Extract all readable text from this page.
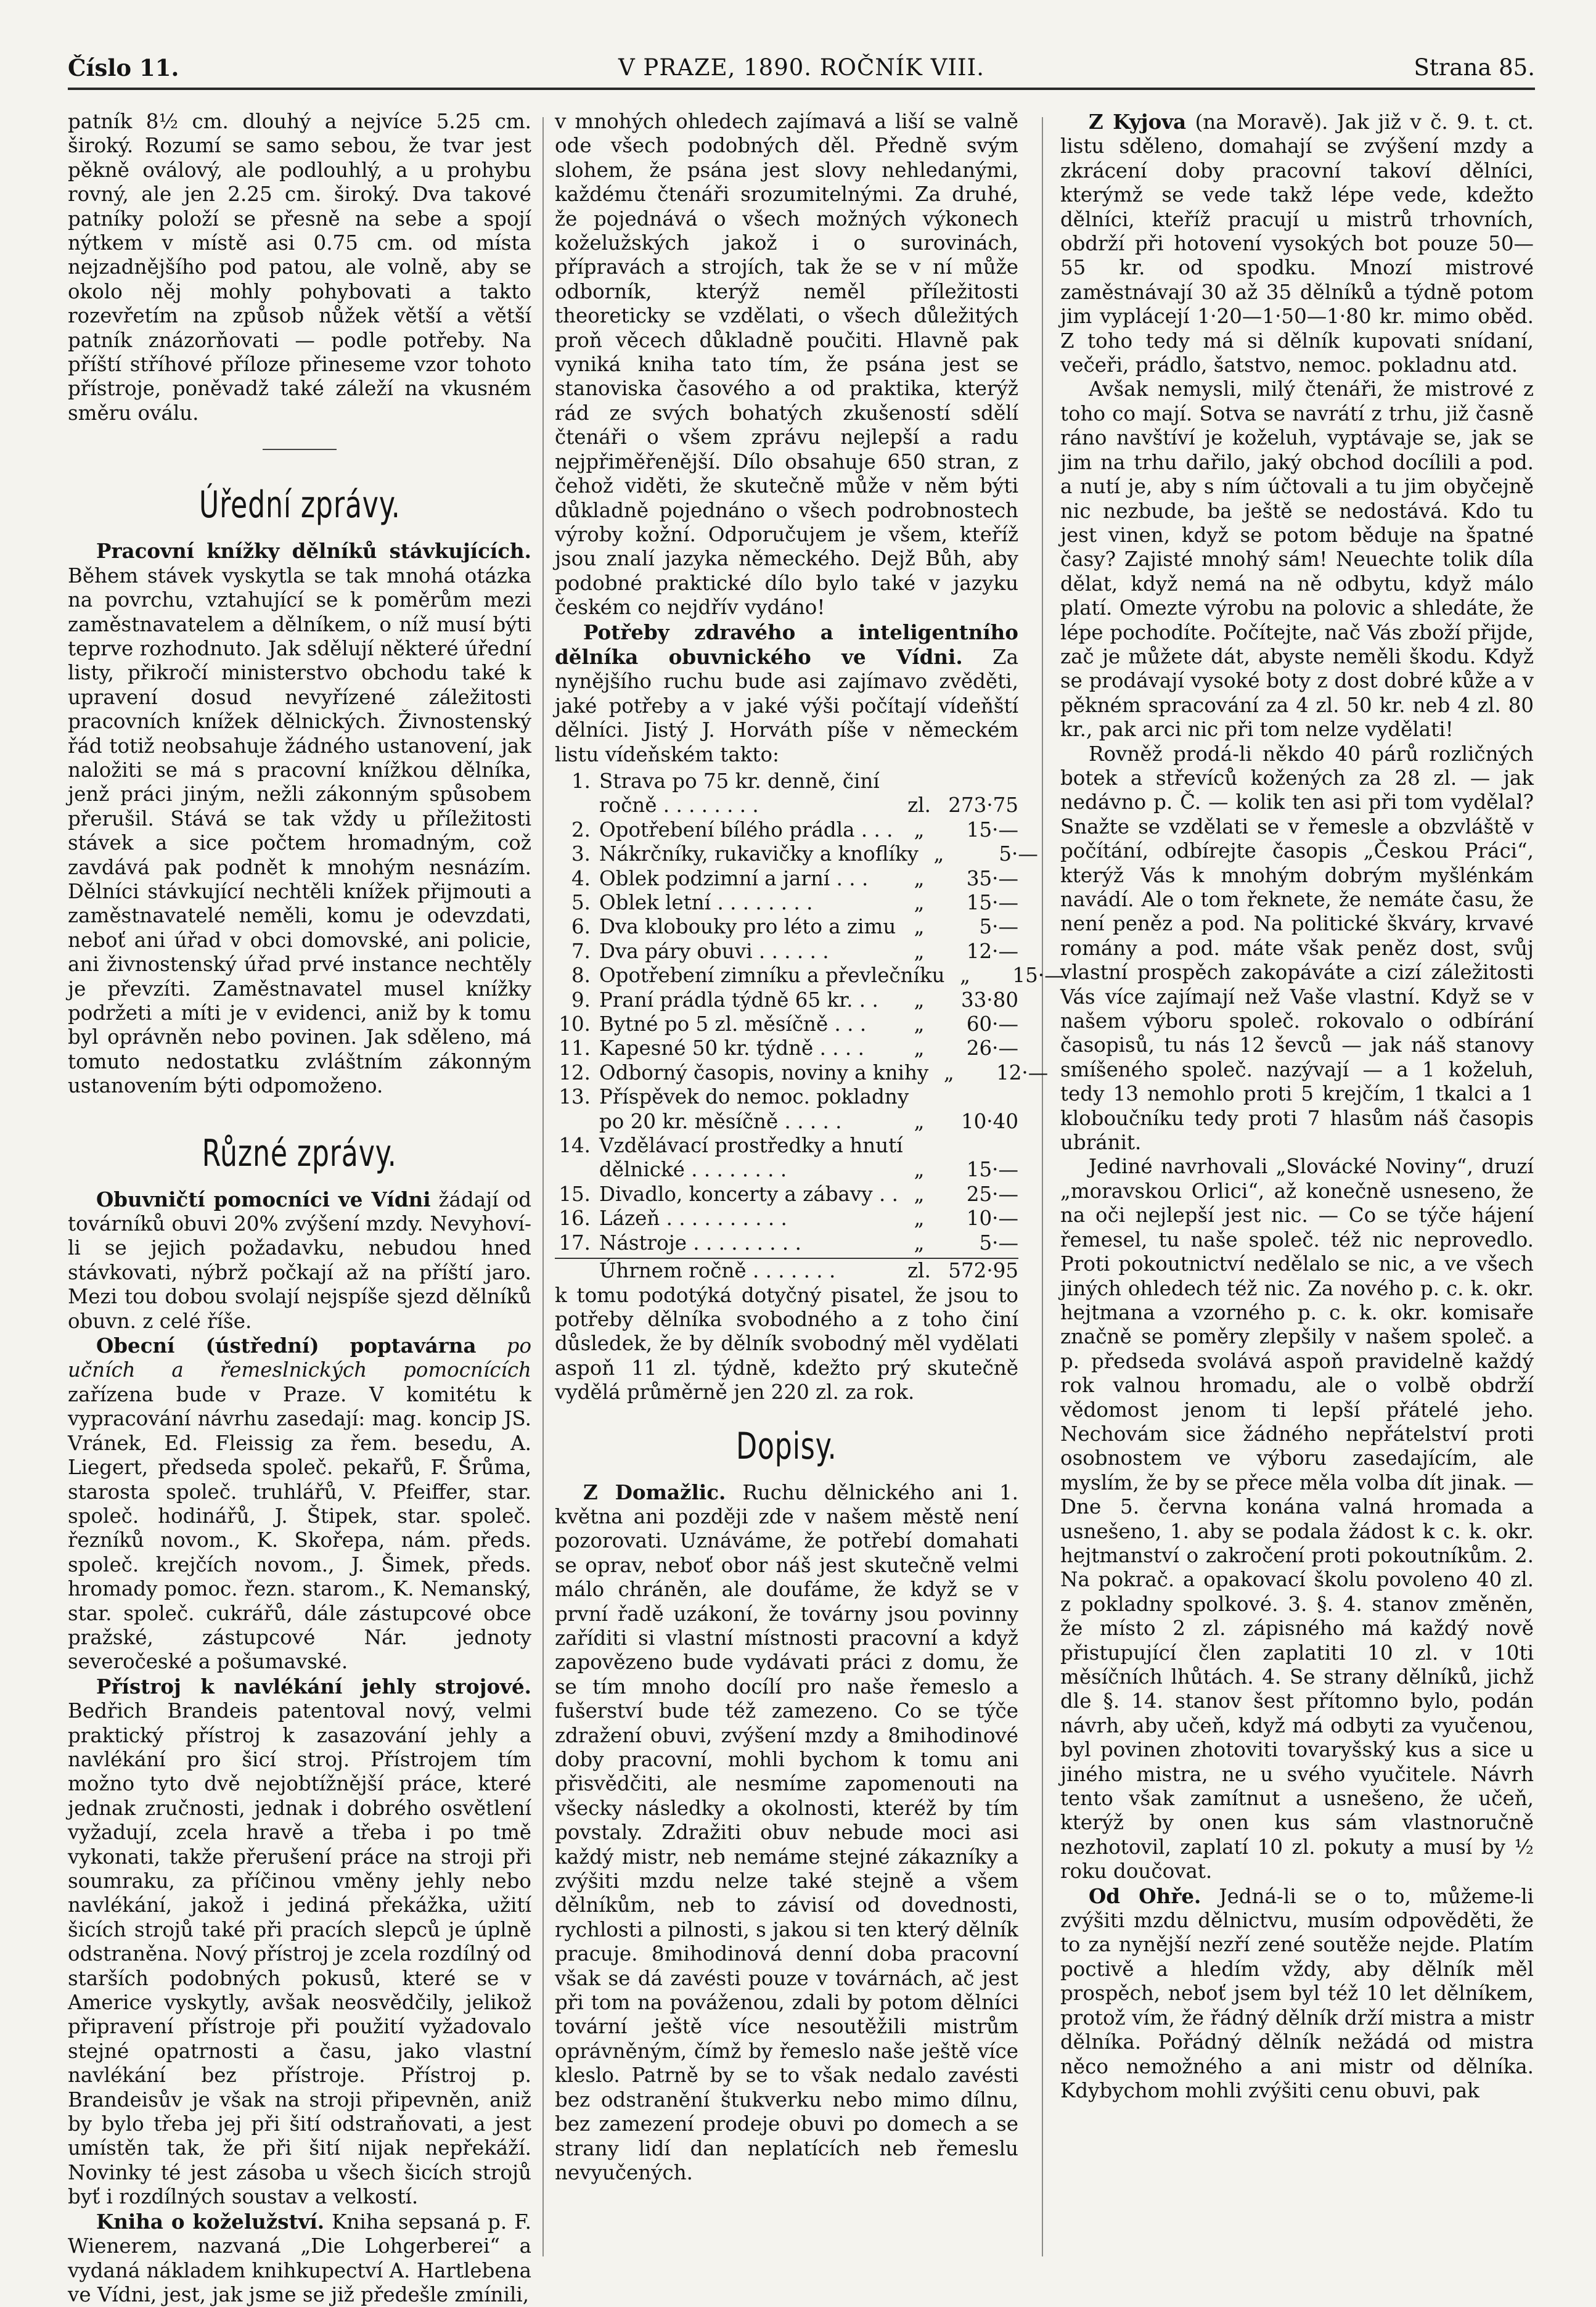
Číslo 11.	V PRAZE, 1890. ROČNÍK VIII.	Strana 85.

patník 8½ cm. dlouhý a nejvíce 5.25 cm. široký. Rozumí se samo sebou, že tvar jest pěkně oválový, ale podlouhlý, a u prohybu rovný, ale jen 2.25 cm. široký. Dva takové patníky položí se přesně na sebe a spojí nýtkem v místě asi 0.75 cm. od místa nejzadnějšího pod patou, ale volně, aby se okolo něj mohly pohybovati a takto rozevřetím na způsob nůžek větší a větší patník znázorňovati — podle potřeby. Na příští stříhové příloze přineseme vzor tohoto přístroje, poněvadž také záleží na vkusném směru oválu.

Úřední zprávy.

Pracovní knížky dělníků stávkujících. Během stávek vyskytla se tak mnohá otázka na povrchu, vztahující se k poměrům mezi zaměstnavatelem a dělníkem, o níž musí býti teprve rozhodnuto. Jak sdělují některé úřední listy, přikročí ministerstvo obchodu také k upravení dosud nevyřízené záležitosti pracovních knížek dělnických. Živnostenský řád totiž neobsahuje žádného ustanovení, jak naložiti se má s pracovní knížkou dělníka, jenž práci jiným, nežli zákonným spůsobem přerušil. Stává se tak vždy u příležitosti stávek a sice počtem hromadným, což zavdává pak podnět k mnohým nesnázím. Dělníci stávkující nechtěli knížek přijmouti a zaměstnavatelé neměli, komu je odevzdati, neboť ani úřad v obci domovské, ani policie, ani živnostenský úřad prvé instance nechtěly je převzíti. Zaměstnavatel musel knížky podržeti a míti je v evidenci, aniž by k tomu byl oprávněn nebo povinen. Jak sděleno, má tomuto nedostatku zvláštním zákonným ustanovením býti odpomoženo.

Různé zprávy.

Obuvničtí pomocníci ve Vídni žádají od továrníků obuvi 20% zvýšení mzdy. Nevyhoví-li se jejich požadavku, nebudou hned stávkovati, nýbrž počkají až na příští jaro. Mezi tou dobou svolají nejspíše sjezd dělníků obuvn. z celé říše.

Obecní (ústřední) poptavárna po učních a řemeslnických pomocnících zařízena bude v Praze. V komitétu k vypracování návrhu zasedají: mag. koncip JS. Vránek, Ed. Fleissig za řem. besedu, A. Liegert, předseda společ. pekařů, F. Šrůma, starosta společ. truhlářů, V. Pfeiffer, star. společ. hodinářů, J. Štipek, star. společ. řezníků novom., K. Skořepa, nám. předs. společ. krejčích novom., J. Šimek, předs. hromady pomoc. řezn. starom., K. Nemanský, star. společ. cukrářů, dále zástupcové obce pražské, zástupcové Nár. jednoty severočeské a pošumavské.

Přístroj k navlékání jehly strojové. Bedřich Brandeis patentoval nový, velmi praktický přístroj k zasazování jehly a navlékání pro šicí stroj. Přístrojem tím možno tyto dvě nejobtížnější práce, které jednak zručnosti, jednak i dobrého osvětlení vyžadují, zcela hravě a třeba i po tmě vykonati, takže přerušení práce na stroji při soumraku, za příčinou vměny jehly nebo navlékání, jakož i jediná překážka, užití šicích strojů také při pracích slepců je úplně odstraněna. Nový přístroj je zcela rozdílný od starších podobných pokusů, které se v Americe vyskytly, avšak neosvědčily, jelikož připravení přístroje při použití vyžadovalo stejné opatrnosti a času, jako vlastní navlékání bez přístroje. Přístroj p. Brandeisův je však na stroji připevněn, aniž by bylo třeba jej při šití odstraňovati, a jest umístěn tak, že při šití nijak nepřekáží. Novinky té jest zásoba u všech šicích strojů byť i rozdílných soustav a velkostí.

Kniha o koželužství. Kniha sepsaná p. F. Wienerem, nazvaná „Die Lohgerberei“ a vydaná nákladem knihkupectví A. Hartlebena ve Vídni, jest, jak jsme se již předešle zmínili,

v mnohých ohledech zajímavá a liší se valně ode všech podobných děl. Předně svým slohem, že psána jest slovy nehledanými, každému čtenáři srozumitelnými. Za druhé, že pojednává o všech možných výkonech koželužských jakož i o surovinách, přípravách a strojích, tak že se v ní může odborník, kterýž neměl příležitosti theoreticky se vzdělati, o všech důležitých proň věcech důkladně poučiti. Hlavně pak vyniká kniha tato tím, že psána jest se stanoviska časového a od praktika, kterýž rád ze svých bohatých zkušeností sdělí čtenáři o všem zprávu nejlepší a radu nejpřiměřenější. Dílo obsahuje 650 stran, z čehož viděti, že skutečně může v něm býti důkladně pojednáno o všech podrobnostech výroby kožní. Odporučujem je všem, kteříž jsou znalí jazyka německého. Dejž Bůh, aby podobné praktické dílo bylo také v jazyku českém co nejdřív vydáno!

Potřeby zdravého a inteligentního dělníka obuvnického ve Vídni. Za nynějšího ruchu bude asi zajímavo zvěděti, jaké potřeby a v jaké výši počítají vídeňští dělníci. Jistý J. Horváth píše v německém listu vídeňském takto:

1. Strava po 75 kr. denně, činí
ročně . . . . . . . .	zl. 273·75
2. Opotřebení bílého prádla . . .	„	15·—
3. Nákrčníky, rukavičky a knoflíky „	5·—
4. Oblek podzimní a jarní . . .	„	35·—
5. Oblek letní . . . . . . . .	„	15·—
6. Dva klobouky pro léto a zimu „	5·—
7. Dva páry obuvi . . . . . .	„	12·—
8. Opotřebení zimníku a převlečníku „	15·—
9. Praní prádla týdně 65 kr. . .	„	33·80
10. Bytné po 5 zl. měsíčně . . .	„	60·—
11. Kapesné 50 kr. týdně . . . .	„	26·—
12. Odborný časopis, noviny a knihy „	12·—
13. Příspěvek do nemoc. pokladny
po 20 kr. měsíčně . . . . .	„	10·40
14. Vzdělávací prostředky a hnutí
dělnické . . . . . . . .	„	15·—
15. Divadlo, koncerty a zábavy . . „	25·—
16. Lázeň . . . . . . . . . .	„	10·—
17. Nástroje . . . . . . . . .	„	5·—
Úhrnem ročně . . . . . . .	zl. 572·95

k tomu podotýká dotyčný pisatel, že jsou to potřeby dělníka svobodného a z toho činí důsledek, že by dělník svobodný měl vydělati aspoň 11 zl. týdně, kdežto prý skutečně vydělá průměrně jen 220 zl. za rok.

Dopisy.

Z Domažlic. Ruchu dělnického ani 1. května ani později zde v našem městě není pozorovati. Uznáváme, že potřebí domahati se oprav, neboť obor náš jest skutečně velmi málo chráněn, ale doufáme, že když se v první řadě uzákoní, že továrny jsou povinny zaříditi si vlastní místnosti pracovní a když zapovězeno bude vydávati práci z domu, že se tím mnoho docílí pro naše řemeslo a fušerství bude též zamezeno. Co se týče zdražení obuvi, zvýšení mzdy a 8mihodinové doby pracovní, mohli bychom k tomu ani přisvědčiti, ale nesmíme zapomenouti na všecky následky a okolnosti, kteréž by tím povstaly. Zdražiti obuv nebude moci asi každý mistr, neb nemáme stejné zákazníky a zvýšiti mzdu nelze také stejně a všem dělníkům, neb to závisí od dovednosti, rychlosti a pilnosti, s jakou si ten který dělník pracuje. 8mihodinová denní doba pracovní však se dá zavésti pouze v továrnách, ač jest při tom na pováženou, zdali by potom dělníci tovární ještě více nesoutěžili mistrům oprávněným, čímž by řemeslo naše ještě více kleslo. Patrně by se to však nedalo zavésti bez odstranění štukverku nebo mimo dílnu, bez zamezení prodeje obuvi po domech a se strany lidí dan neplatících neb řemeslu nevyučených.

Z Kyjova (na Moravě). Jak již v č. 9. t. ct. listu sděleno, domahají se zvýšení mzdy a zkrácení doby pracovní takoví dělníci, kterýmž se vede takž lépe vede, kdežto dělníci, kteříž pracují u mistrů trhovních, obdrží při hotovení vysokých bot pouze 50—55 kr. od spodku. Mnozí mistrové zaměstnávají 30 až 35 dělníků a týdně potom jim vyplácejí 1·20—1·50—1·80 kr. mimo oběd. Z toho tedy má si dělník kupovati snídaní, večeři, prádlo, šatstvo, nemoc. pokladnu atd.

Avšak nemysli, milý čtenáři, že mistrové z toho co mají. Sotva se navrátí z trhu, již časně ráno navštíví je koželuh, vyptávaje se, jak se jim na trhu dařilo, jaký obchod docílili a pod. a nutí je, aby s ním účtovali a tu jim obyčejně nic nezbude, ba ještě se nedostává. Kdo tu jest vinen, když se potom běduje na špatné časy? Zajisté mnohý sám! Neuechte tolik díla dělat, když nemá na ně odbytu, když málo platí. Omezte výrobu na polovic a shledáte, že lépe pochodíte. Počítejte, nač Vás zboží přijde, zač je můžete dát, abyste neměli škodu. Když se prodávají vysoké boty z dost dobré kůže a v pěkném spracování za 4 zl. 50 kr. neb 4 zl. 80 kr., pak arci nic při tom nelze vydělati!

Rovněž prodá-li někdo 40 párů rozličných botek a střevíců kožených za 28 zl. — jak nedávno p. Č. — kolik ten asi při tom vydělal? Snažte se vzdělati se v řemesle a obzvláště v počítání, odbírejte časopis „Českou Práci“, kterýž Vás k mnohým dobrým myšlénkám navádí. Ale o tom řeknete, že nemáte času, že není peněz a pod. Na politické škváry, krvavé romány a pod. máte však peněz dost, svůj vlastní prospěch zakopáváte a cizí záležitosti Vás více zajímají než Vaše vlastní. Když se v našem výboru společ. rokovalo o odbírání časopisů, tu nás 12 ševců — jak náš stanovy smíšeného společ. nazývají — a 1 koželuh, tedy 13 nemohlo proti 5 krejčím, 1 tkalci a 1 kloboučníku tedy proti 7 hlasům náš časopis ubránit.

Jediné navrhovali „Slovácké Noviny“, druzí „moravskou Orlici“, až konečně usneseno, že na oči nejlepší jest nic. — Co se týče hájení řemesel, tu naše společ. též nic neprovedlo. Proti pokoutnictví nedělalo se nic, a ve všech jiných ohledech též nic. Za nového p. c. k. okr. hejtmana a vzorného p. c. k. okr. komisaře značně se poměry zlepšily v našem společ. a p. předseda svolává aspoň pravidelně každý rok valnou hromadu, ale o volbě obdrží vědomost jenom ti lepší přátelé jeho. Nechovám sice žádného nepřátelství proti osobnostem ve výboru zasedajícím, ale myslím, že by se přece měla volba dít jinak. — Dne 5. června konána valná hromada a usnešeno, 1. aby se podala žádost k c. k. okr. hejtmanství o zakročení proti pokoutníkům. 2. Na pokrač. a opakovací školu povoleno 40 zl. z pokladny spolkové. 3. §. 4. stanov změněn, že místo 2 zl. zápisného má každý nově přistupující člen zaplatiti 10 zl. v 10ti měsíčních lhůtách. 4. Se strany dělníků, jichž dle §. 14. stanov šest přítomno bylo, podán návrh, aby učeň, když má odbyti za vyučenou, byl povinen zhotoviti tovaryšský kus a sice u jiného mistra, ne u svého vyučitele. Návrh tento však zamítnut a usnešeno, že učeň, kterýž by onen kus sám vlastnoručně nezhotovil, zaplatí 10 zl. pokuty a musí by ½ roku doučovat.

Od Ohře. Jedná-li se o to, můžeme-li zvýšiti mzdu dělnictvu, musím odpověděti, že to za nynější nezří zené soutěže nejde. Platím poctivě a hledím vždy, aby dělník měl prospěch, neboť jsem byl též 10 let dělníkem, protož vím, že řádný dělník drží mistra a mistr dělníka. Pořádný dělník nežádá od mistra něco nemožného a ani mistr od dělníka. Kdybychom mohli zvýšiti cenu obuvi, pak
